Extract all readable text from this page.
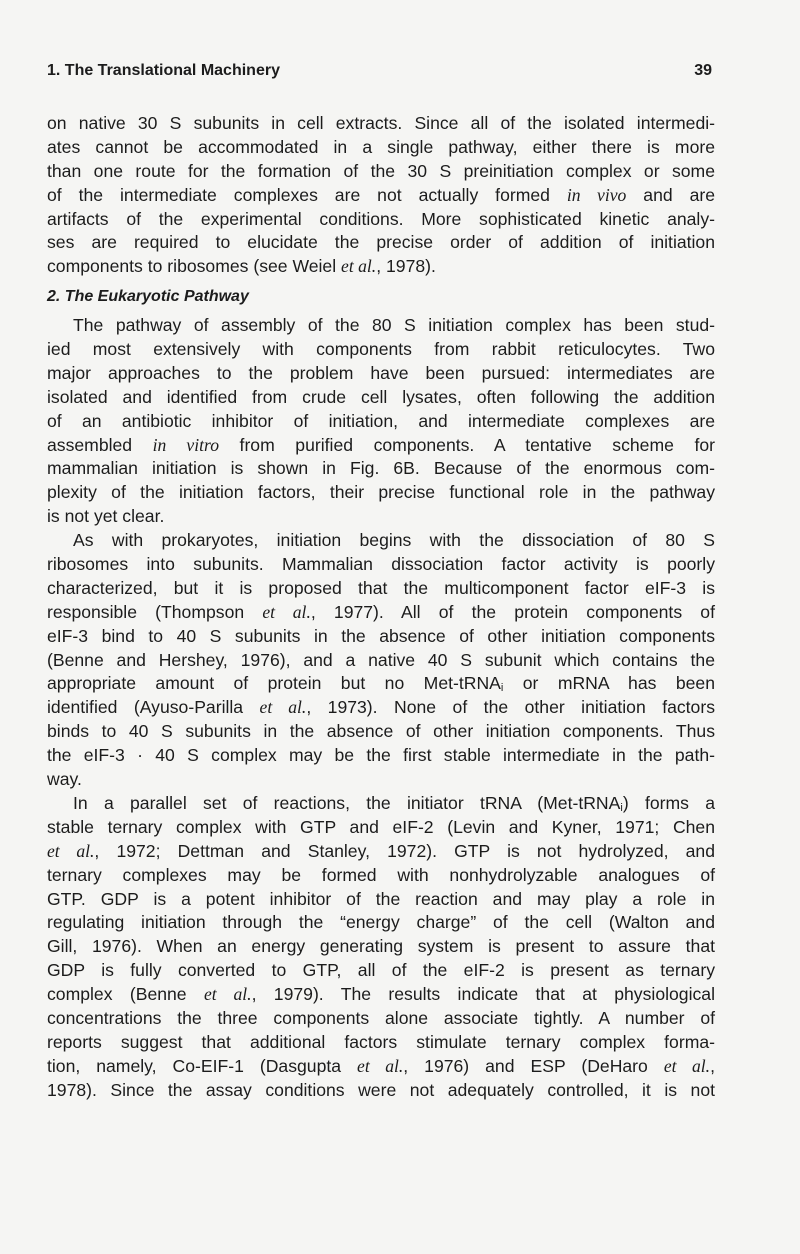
1. The Translational Machinery	39
on native 30 S subunits in cell extracts. Since all of the isolated intermedi-
ates cannot be accommodated in a single pathway, either there is more
than one route for the formation of the 30 S preinitiation complex or some
of the intermediate complexes are not actually formed in vivo and are
artifacts of the experimental conditions. More sophisticated kinetic analy-
ses are required to elucidate the precise order of addition of initiation
components to ribosomes (see Weiel et al., 1978).
2. The Eukaryotic Pathway
The pathway of assembly of the 80 S initiation complex has been stud-
ied most extensively with components from rabbit reticulocytes. Two
major approaches to the problem have been pursued: intermediates are
isolated and identified from crude cell lysates, often following the addition
of an antibiotic inhibitor of initiation, and intermediate complexes are
assembled in vitro from purified components. A tentative scheme for
mammalian initiation is shown in Fig. 6B. Because of the enormous com-
plexity of the initiation factors, their precise functional role in the pathway
is not yet clear.
As with prokaryotes, initiation begins with the dissociation of 80 S
ribosomes into subunits. Mammalian dissociation factor activity is poorly
characterized, but it is proposed that the multicomponent factor eIF-3 is
responsible (Thompson et al., 1977). All of the protein components of
eIF-3 bind to 40 S subunits in the absence of other initiation components
(Benne and Hershey, 1976), and a native 40 S subunit which contains the
appropriate amount of protein but no Met-tRNA$_i$ or mRNA has been
identified (Ayuso-Parilla et al., 1973). None of the other initiation factors
binds to 40 S subunits in the absence of other initiation components. Thus
the eIF-3 · 40 S complex may be the first stable intermediate in the path-
way.
In a parallel set of reactions, the initiator tRNA (Met-tRNA$_i$) forms a
stable ternary complex with GTP and eIF-2 (Levin and Kyner, 1971; Chen
et al., 1972; Dettman and Stanley, 1972). GTP is not hydrolyzed, and
ternary complexes may be formed with nonhydrolyzable analogues of
GTP. GDP is a potent inhibitor of the reaction and may play a role in
regulating initiation through the “energy charge” of the cell (Walton and
Gill, 1976). When an energy generating system is present to assure that
GDP is fully converted to GTP, all of the eIF-2 is present as ternary
complex (Benne et al., 1979). The results indicate that at physiological
concentrations the three components alone associate tightly. A number of
reports suggest that additional factors stimulate ternary complex forma-
tion, namely, Co-EIF-1 (Dasgupta et al., 1976) and ESP (DeHaro et al.,
1978). Since the assay conditions were not adequately controlled, it is not
